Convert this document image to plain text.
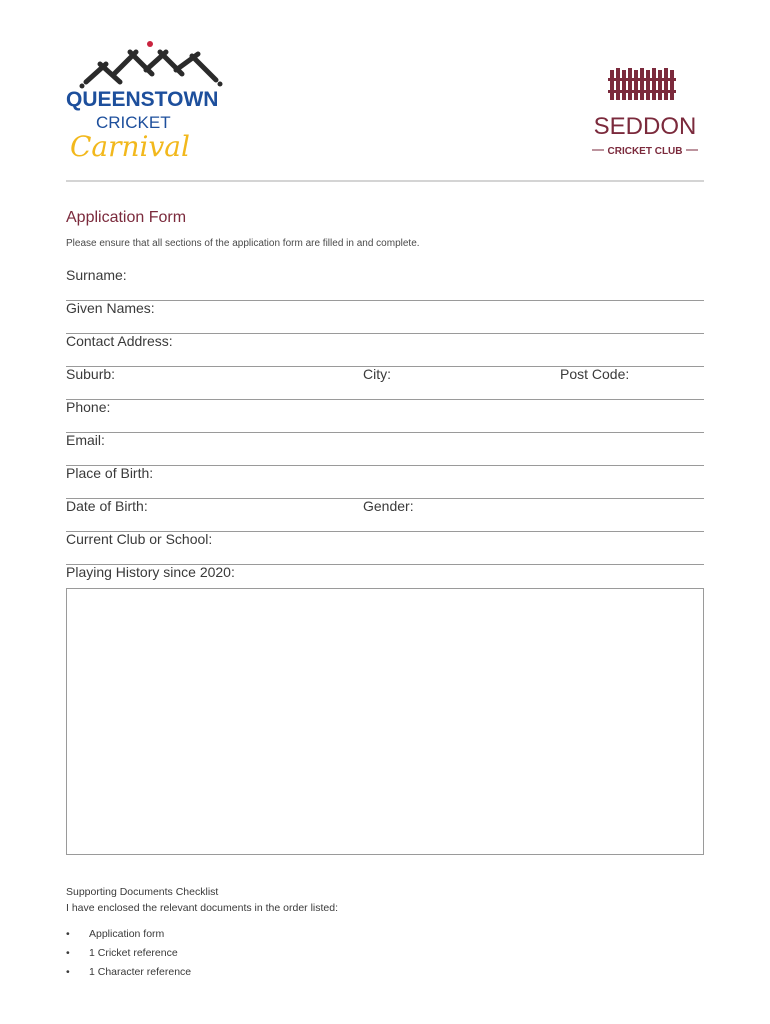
QUEENSTOWN
CRICKET
Carnival
SEDDON
CRICKET CLUB
Application Form
Please ensure that all sections of the application form are filled in and complete.
Surname:
Given Names:
Contact Address:
Suburb:	City:	Post Code:
Phone:
Email:
Place of Birth:
Date of Birth:	Gender:
Current Club or School:
Playing History since 2020:
Supporting Documents Checklist
I have enclosed the relevant documents in the order listed:
• Application form
• 1 Cricket reference
• 1 Character reference
